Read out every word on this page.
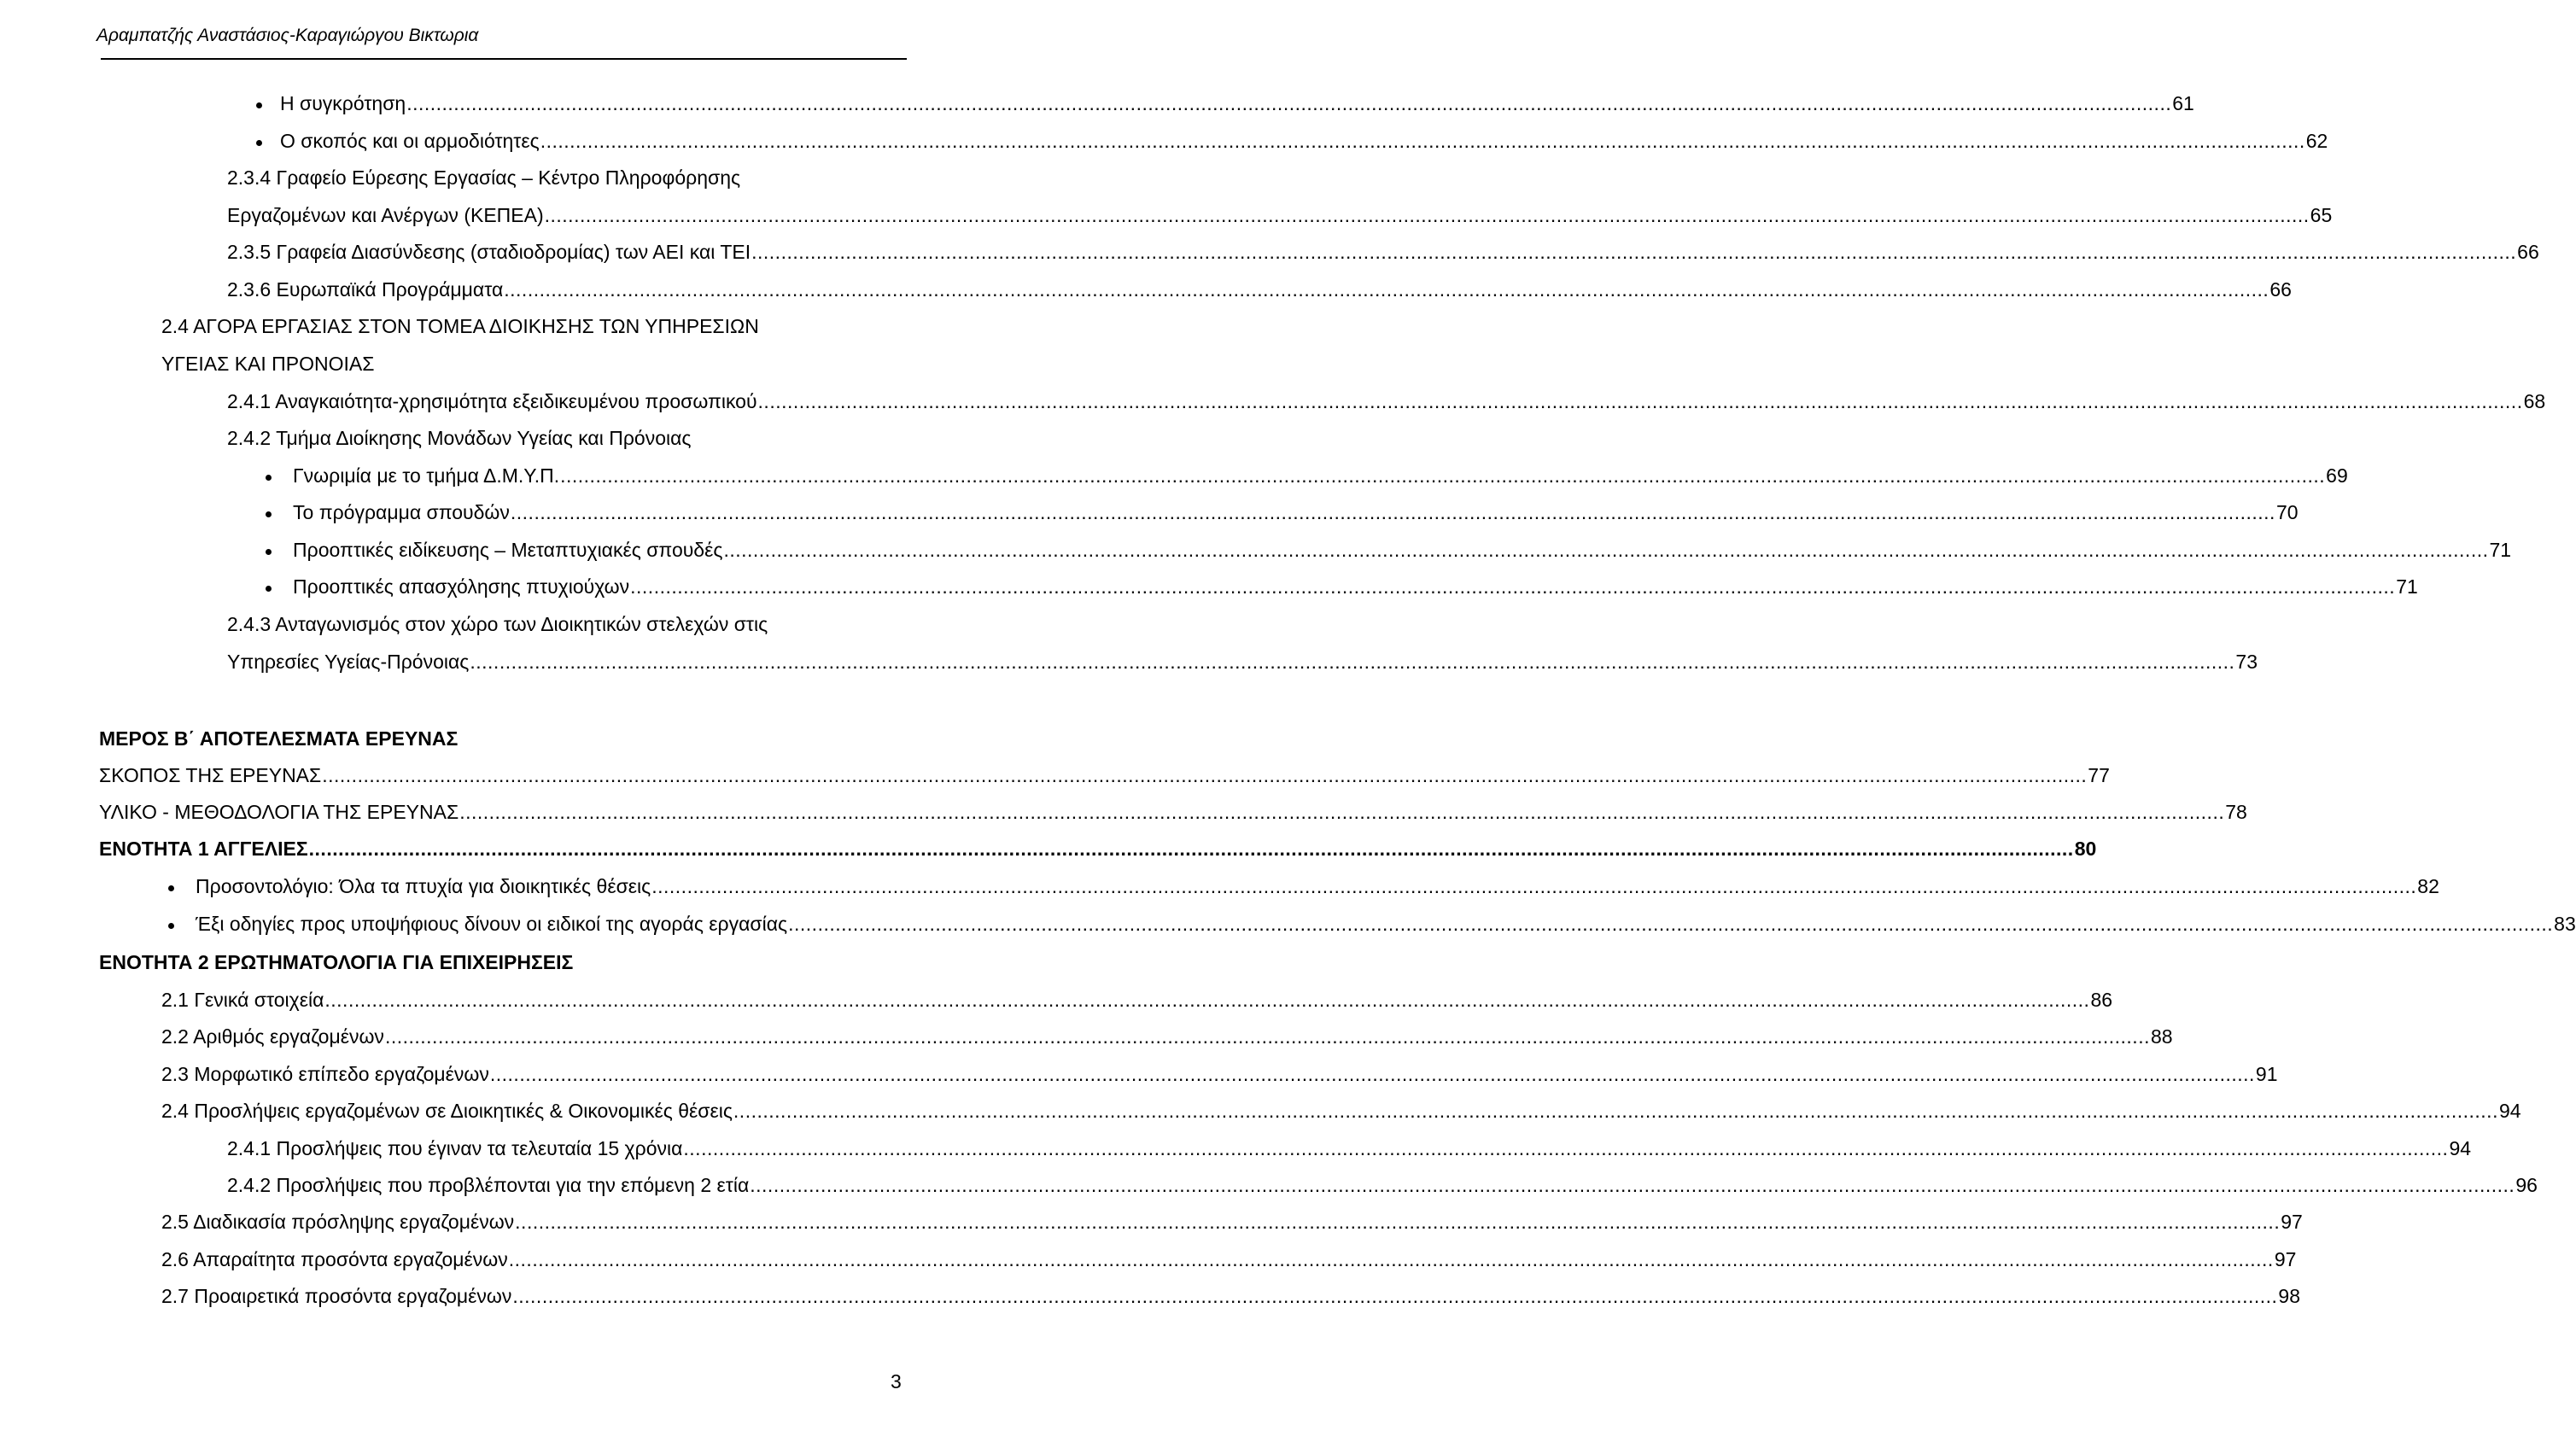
Αραμπατζής Αναστάσιος-Καραγιώργου Βικτωρια
Η συγκρότηση ............................................................................................................................................................................................................................................................................................................ 61
Ο σκοπός και οι αρμοδιότητες ............................................................................................................................................................................................................................................................................................................ 62
2.3.4 Γραφείο Εύρεσης Εργασίας – Κέντρο Πληροφόρησης
Εργαζομένων και Ανέργων (ΚΕΠΕΑ) ............................................................................................................................................................................................................................................................................................................ 65
2.3.5 Γραφεία Διασύνδεσης (σταδιοδρομίας) των ΑΕΙ και ΤΕΙ ............................................................................................................................................................................................................................................................................................................ 66
2.3.6 Ευρωπαϊκά Προγράμματα ............................................................................................................................................................................................................................................................................................................ 66
2.4 ΑΓΟΡΑ ΕΡΓΑΣΙΑΣ ΣΤΟΝ ΤΟΜΕΑ ΔΙΟΙΚΗΣΗΣ ΤΩΝ ΥΠΗΡΕΣΙΩΝ
ΥΓΕΙΑΣ ΚΑΙ ΠΡΟΝΟΙΑΣ
2.4.1 Αναγκαιότητα-χρησιμότητα εξειδικευμένου προσωπικού ............................................................................................................................................................................................................................................................................................................ 68
2.4.2 Τμήμα Διοίκησης Μονάδων Υγείας και Πρόνοιας
Γνωριμία με το τμήμα Δ.Μ.Υ.Π. ............................................................................................................................................................................................................................................................................................................ 69
Το πρόγραμμα σπουδών ............................................................................................................................................................................................................................................................................................................ 70
Προοπτικές ειδίκευσης – Μεταπτυχιακές σπουδές ............................................................................................................................................................................................................................................................................................................ 71
Προοπτικές απασχόλησης πτυχιούχων ............................................................................................................................................................................................................................................................................................................ 71
2.4.3 Ανταγωνισμός στον χώρο των Διοικητικών στελεχών στις
Υπηρεσίες Υγείας-Πρόνοιας ............................................................................................................................................................................................................................................................................................................ 73
ΜΕΡΟΣ Β΄ ΑΠΟΤΕΛΕΣΜΑΤΑ ΕΡΕΥΝΑΣ
ΣΚΟΠΟΣ ΤΗΣ ΕΡΕΥΝΑΣ ............................................................................................................................................................................................................................................................................................................ 77
ΥΛΙΚΟ - ΜΕΘΟΔΟΛΟΓΙΑ ΤΗΣ ΕΡΕΥΝΑΣ ............................................................................................................................................................................................................................................................................................................ 78
ΕΝΟΤΗΤΑ 1 ΑΓΓΕΛΙΕΣ ............................................................................................................................................................................................................................................................................................................ 80
Προσοντολόγιο: Όλα τα πτυχία για διοικητικές θέσεις ............................................................................................................................................................................................................................................................................................................ 82
Έξι οδηγίες προς υποψήφιους δίνουν οι ειδικοί της αγοράς εργασίας ............................................................................................................................................................................................................................................................................................................ 83
ΕΝΟΤΗΤΑ 2 ΕΡΩΤΗΜΑΤΟΛΟΓΙΑ ΓΙΑ ΕΠΙΧΕΙΡΗΣΕΙΣ
2.1 Γενικά στοιχεία ............................................................................................................................................................................................................................................................................................................ 86
2.2 Αριθμός εργαζομένων ............................................................................................................................................................................................................................................................................................................ 88
2.3 Μορφωτικό επίπεδο εργαζομένων ............................................................................................................................................................................................................................................................................................................ 91
2.4 Προσλήψεις εργαζομένων σε Διοικητικές & Οικονομικές θέσεις ............................................................................................................................................................................................................................................................................................................ 94
2.4.1 Προσλήψεις που έγιναν τα τελευταία 15 χρόνια ............................................................................................................................................................................................................................................................................................................ 94
2.4.2 Προσλήψεις που προβλέπονται για την επόμενη 2 ετία ............................................................................................................................................................................................................................................................................................................ 96
2.5 Διαδικασία πρόσληψης εργαζομένων ............................................................................................................................................................................................................................................................................................................ 97
2.6 Απαραίτητα προσόντα εργαζομένων ............................................................................................................................................................................................................................................................................................................ 97
2.7 Προαιρετικά προσόντα εργαζομένων ............................................................................................................................................................................................................................................................................................................ 98
3
